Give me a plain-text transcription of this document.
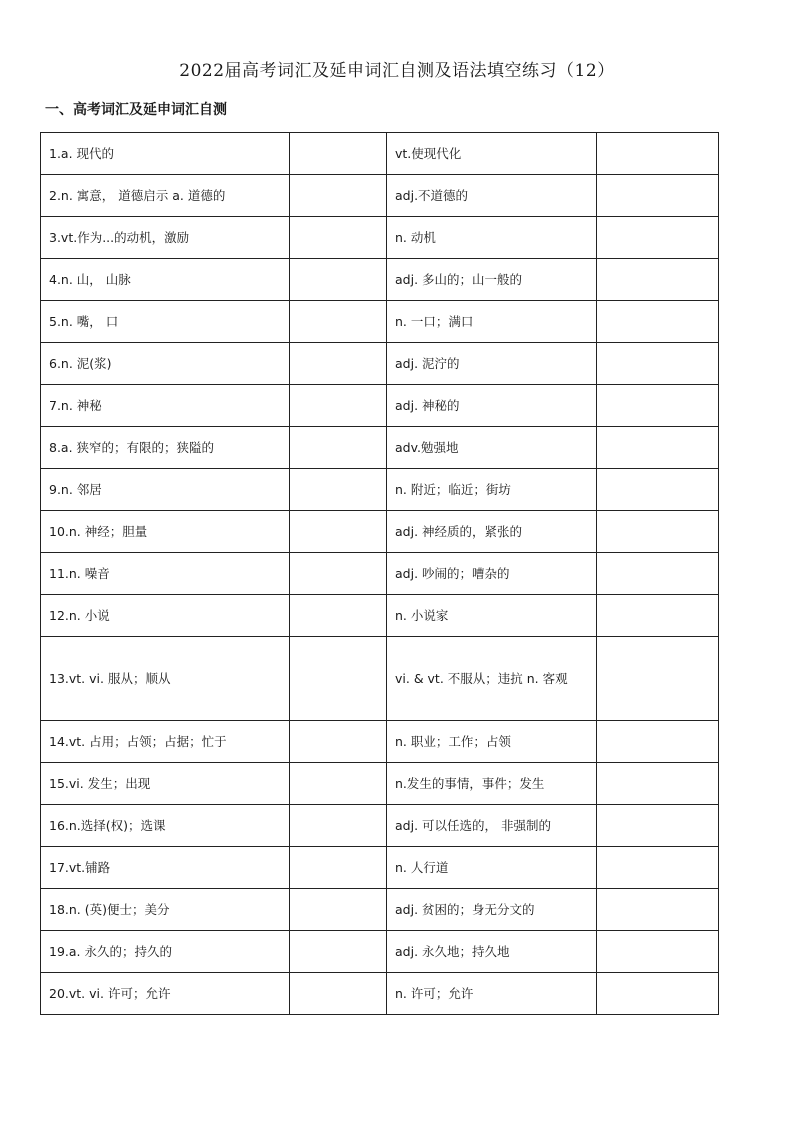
2022届高考词汇及延申词汇自测及语法填空练习（12）
一、高考词汇及延申词汇自测
1.a. 现代的		vt.使现代化	
2.n. 寓意， 道德启示 a. 道德的		adj.不道德的	
3.vt.作为...的动机，激励		n. 动机	
4.n. 山， 山脉		adj. 多山的；山一般的	
5.n. 嘴， 口		n. 一口；满口	
6.n. 泥(浆)		adj. 泥泞的	
7.n. 神秘		adj. 神秘的	
8.a. 狭窄的；有限的；狭隘的		adv.勉强地	
9.n. 邻居		n. 附近；临近；街坊	
10.n. 神经；胆量		adj. 神经质的，紧张的	
11.n. 噪音		adj. 吵闹的；嘈杂的	
12.n. 小说		n. 小说家	
13.vt. vi. 服从；顺从		vi. & vt. 不服从；违抗 n. 客观	
14.vt. 占用；占领；占据；忙于		n. 职业；工作；占领	
15.vi. 发生；出现		n.发生的事情，事件；发生	
16.n.选择(权)；选课		adj. 可以任选的， 非强制的	
17.vt.铺路		n. 人行道	
18.n. (英)便士；美分		adj. 贫困的；身无分文的	
19.a. 永久的；持久的		adj. 永久地；持久地	
20.vt. vi. 许可；允许		n. 许可；允许	
